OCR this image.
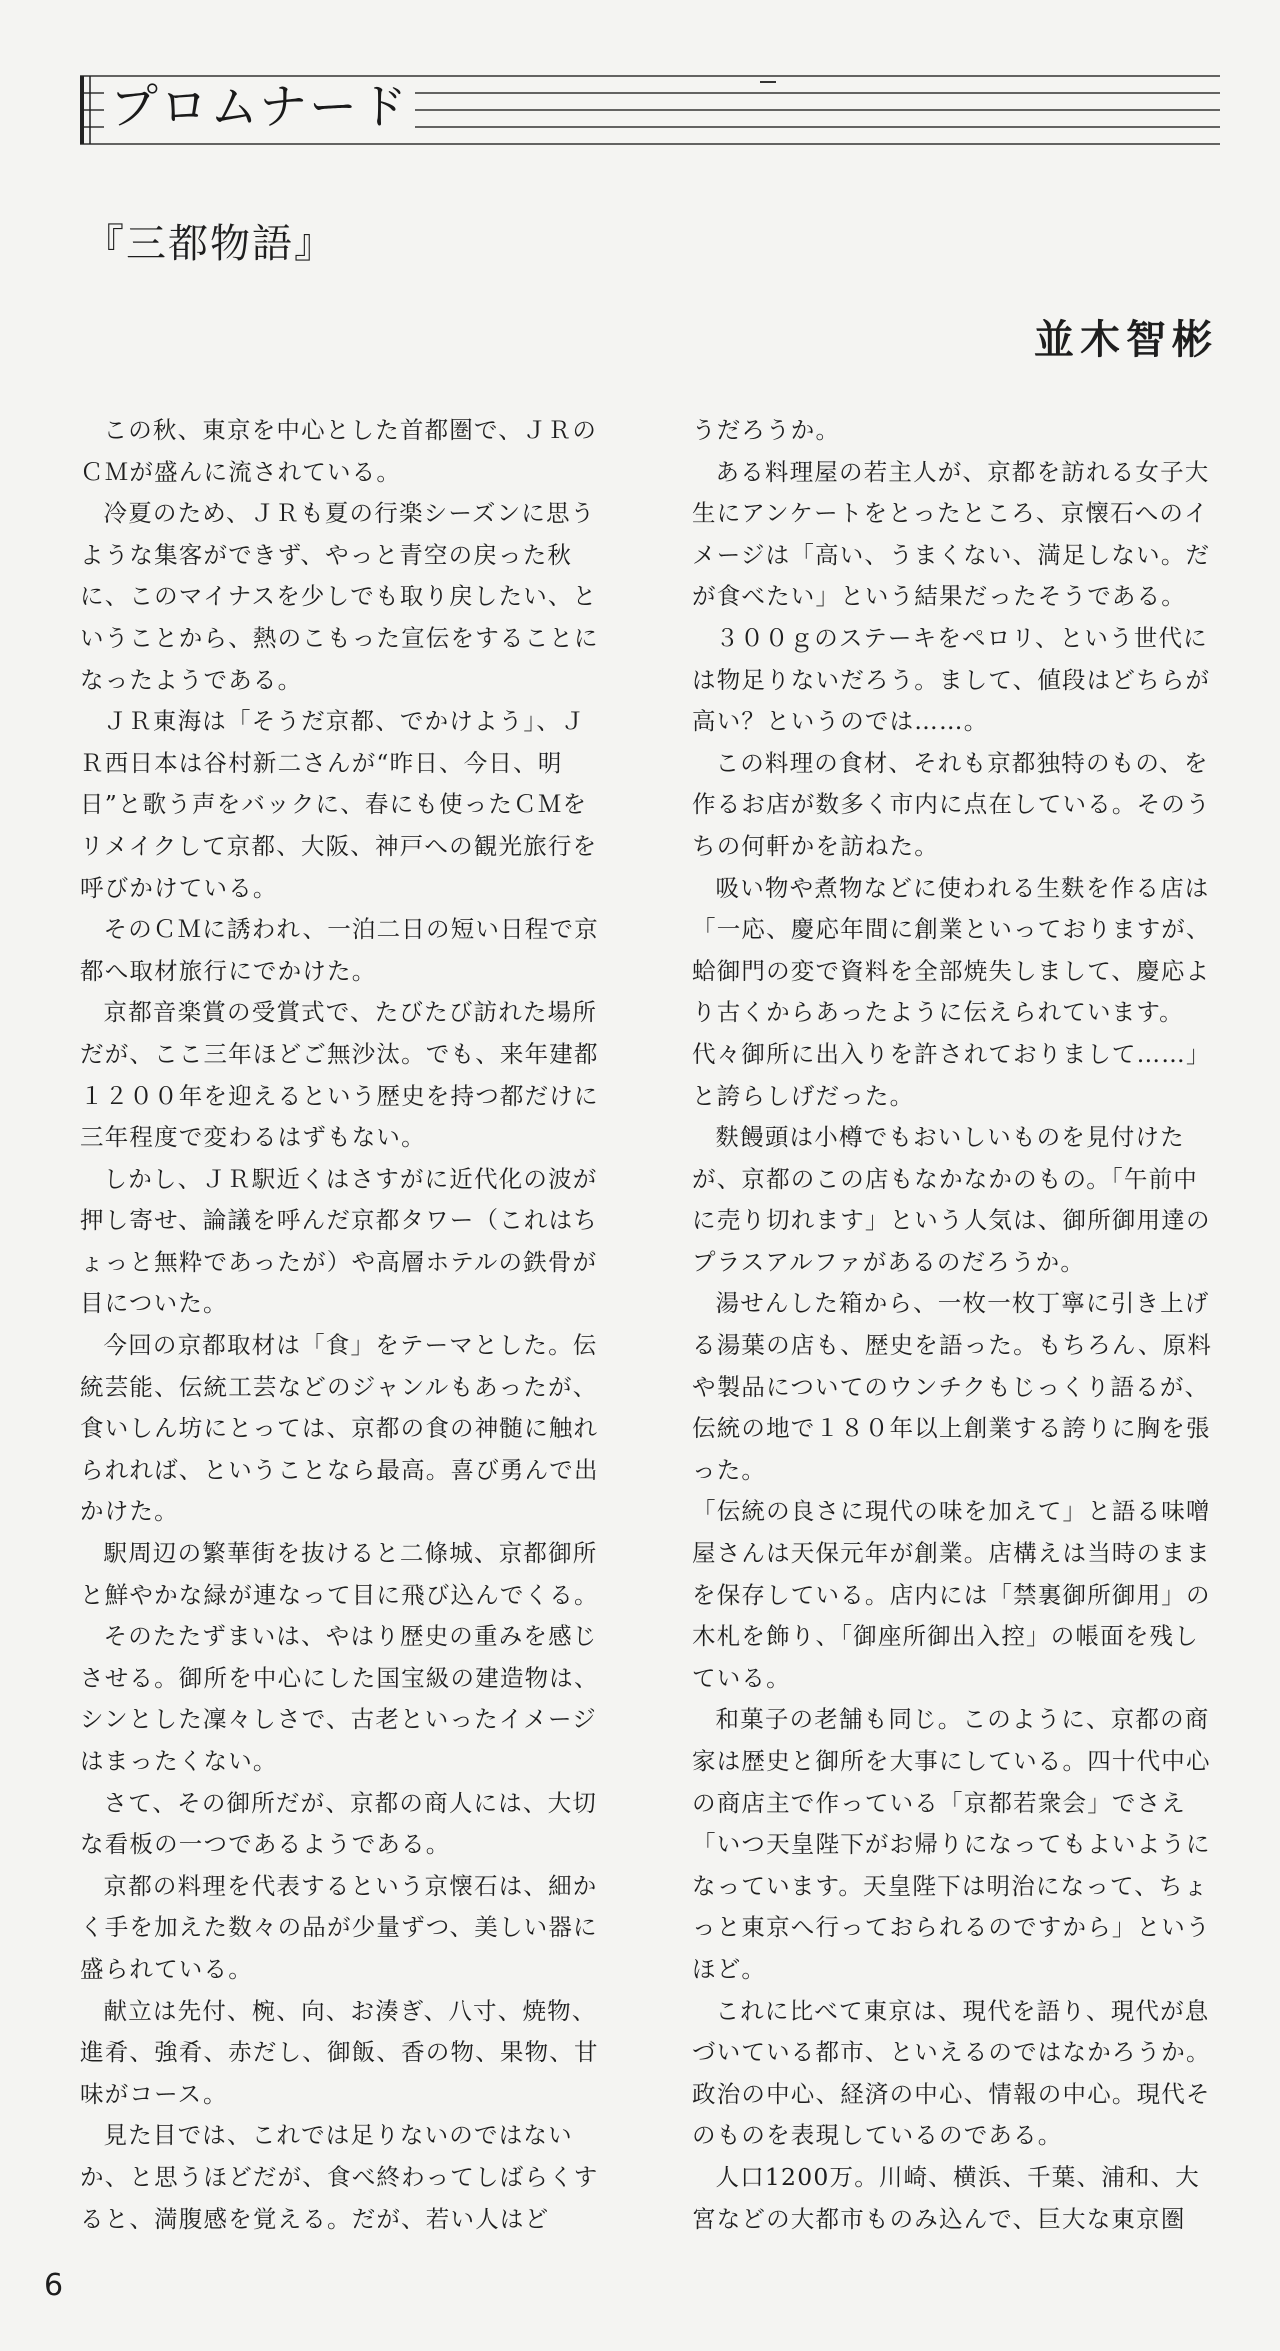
プロムナード
『三都物語』
並木智彬

この秋、東京を中心とした首都圏で、ＪＲのＣＭが盛んに流されている。

冷夏のため、ＪＲも夏の行楽シーズンに思うような集客ができず、やっと青空の戻った秋に、このマイナスを少しでも取り戻したい、ということから、熱のこもった宣伝をすることになったようである。

ＪＲ東海は「そうだ京都、でかけよう」、ＪＲ西日本は谷村新二さんが“昨日、今日、明日”と歌う声をバックに、春にも使ったＣＭをリメイクして京都、大阪、神戸への観光旅行を呼びかけている。

そのＣＭに誘われ、一泊二日の短い日程で京都へ取材旅行にでかけた。

京都音楽賞の受賞式で、たびたび訪れた場所だが、ここ三年ほどご無沙汰。でも、来年建都１２００年を迎えるという歴史を持つ都だけに三年程度で変わるはずもない。

しかし、ＪＲ駅近くはさすがに近代化の波が押し寄せ、論議を呼んだ京都タワー（これはちょっと無粋であったが）や高層ホテルの鉄骨が目についた。

今回の京都取材は「食」をテーマとした。伝統芸能、伝統工芸などのジャンルもあったが、食いしん坊にとっては、京都の食の神髄に触れられれば、ということなら最高。喜び勇んで出かけた。

駅周辺の繁華街を抜けると二條城、京都御所と鮮やかな緑が連なって目に飛び込んでくる。

そのたたずまいは、やはり歴史の重みを感じさせる。御所を中心にした国宝級の建造物は、シンとした凜々しさで、古老といったイメージはまったくない。

さて、その御所だが、京都の商人には、大切な看板の一つであるようである。

京都の料理を代表するという京懐石は、細かく手を加えた数々の品が少量ずつ、美しい器に盛られている。

献立は先付、椀、向、お湊ぎ、八寸、焼物、進肴、強肴、赤だし、御飯、香の物、果物、甘味がコース。

見た目では、これでは足りないのではないか、と思うほどだが、食べ終わってしばらくすると、満腹感を覚える。だが、若い人はど

うだろうか。

ある料理屋の若主人が、京都を訪れる女子大生にアンケートをとったところ、京懐石へのイメージは「高い、うまくない、満足しない。だが食べたい」という結果だったそうである。

３００ｇのステーキをペロリ、という世代には物足りないだろう。まして、値段はどちらが高い？というのでは……。

この料理の食材、それも京都独特のもの、を作るお店が数多く市内に点在している。そのうちの何軒かを訪ねた。

吸い物や煮物などに使われる生麩を作る店は「一応、慶応年間に創業といっておりますが、蛤御門の変で資料を全部焼失しまして、慶応より古くからあったように伝えられています。代々御所に出入りを許されておりまして……」と誇らしげだった。

麩饅頭は小樽でもおいしいものを見付けたが、京都のこの店もなかなかのもの。「午前中に売り切れます」という人気は、御所御用達のプラスアルファがあるのだろうか。

湯せんした箱から、一枚一枚丁寧に引き上げる湯葉の店も、歴史を語った。もちろん、原料や製品についてのウンチクもじっくり語るが、伝統の地で１８０年以上創業する誇りに胸を張った。

「伝統の良さに現代の味を加えて」と語る味噌屋さんは天保元年が創業。店構えは当時のままを保存している。店内には「禁裏御所御用」の木札を飾り、「御座所御出入控」の帳面を残している。

和菓子の老舗も同じ。このように、京都の商家は歴史と御所を大事にしている。四十代中心の商店主で作っている「京都若衆会」でさえ「いつ天皇陛下がお帰りになってもよいようになっています。天皇陛下は明治になって、ちょっと東京へ行っておられるのですから」というほど。

これに比べて東京は、現代を語り、現代が息づいている都市、といえるのではなかろうか。政治の中心、経済の中心、情報の中心。現代そのものを表現しているのである。

人口1200万。川崎、横浜、千葉、浦和、大宮などの大都市ものみ込んで、巨大な東京圏

6
